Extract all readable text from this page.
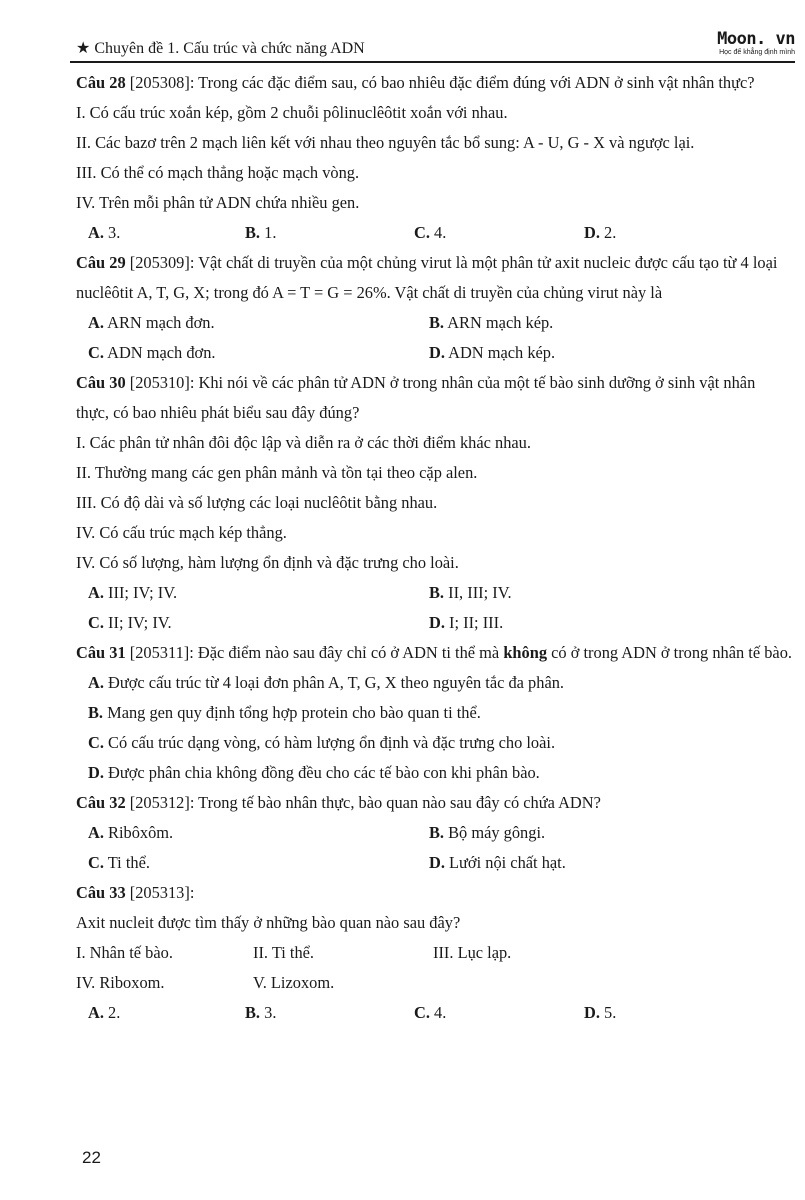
★ Chuyên đề 1. Cấu trúc và chức năng ADN	Moon. vn
Học để khẳng định mình

Câu 28 [205308]: Trong các đặc điểm sau, có bao nhiêu đặc điểm đúng với ADN ở sinh vật nhân thực?

I. Có cấu trúc xoắn kép, gồm 2 chuỗi pôlinuclêôtit xoắn với nhau.

II. Các bazơ trên 2 mạch liên kết với nhau theo nguyên tắc bổ sung: A - U, G - X và ngược lại.

III. Có thể có mạch thẳng hoặc mạch vòng.

IV. Trên mỗi phân tử ADN chứa nhiều gen.

A. 3.	B. 1.	C. 4.	D. 2.

Câu 29 [205309]: Vật chất di truyền của một chủng virut là một phân tử axit nucleic được cấu tạo từ 4 loại nuclêôtit A, T, G, X; trong đó A = T = G = 26%. Vật chất di truyền của chủng virut này là

A. ARN mạch đơn.	B. ARN mạch kép.
C. ADN mạch đơn.	D. ADN mạch kép.

Câu 30 [205310]: Khi nói về các phân tử ADN ở trong nhân của một tế bào sinh dưỡng ở sinh vật nhân thực, có bao nhiêu phát biểu sau đây đúng?

I. Các phân tử nhân đôi độc lập và diễn ra ở các thời điểm khác nhau.

II. Thường mang các gen phân mảnh và tồn tại theo cặp alen.

III. Có độ dài và số lượng các loại nuclêôtit bằng nhau.

IV. Có cấu trúc mạch kép thẳng.

IV. Có số lượng, hàm lượng ổn định và đặc trưng cho loài.

A. III; IV; IV.	B. II, III; IV.
C. II; IV; IV.	D. I; II; III.

Câu 31 [205311]: Đặc điểm nào sau đây chỉ có ở ADN ti thể mà không có ở trong ADN ở trong nhân tế bào.

A. Được cấu trúc từ 4 loại đơn phân A, T, G, X theo nguyên tắc đa phân.

B. Mang gen quy định tổng hợp protein cho bào quan ti thể.

C. Có cấu trúc dạng vòng, có hàm lượng ổn định và đặc trưng cho loài.

D. Được phân chia không đồng đều cho các tế bào con khi phân bào.

Câu 32 [205312]: Trong tế bào nhân thực, bào quan nào sau đây có chứa ADN?

A. Ribôxôm.	B. Bộ máy gôngi.
C. Ti thể.	D. Lưới nội chất hạt.

Câu 33 [205313]:

Axit nucleit được tìm thấy ở những bào quan nào sau đây?

I. Nhân tế bào.	II. Ti thể.	III. Lục lạp.
IV. Riboxom.	V. Lizoxom.
A. 2.	B. 3.	C. 4.	D. 5.
22
